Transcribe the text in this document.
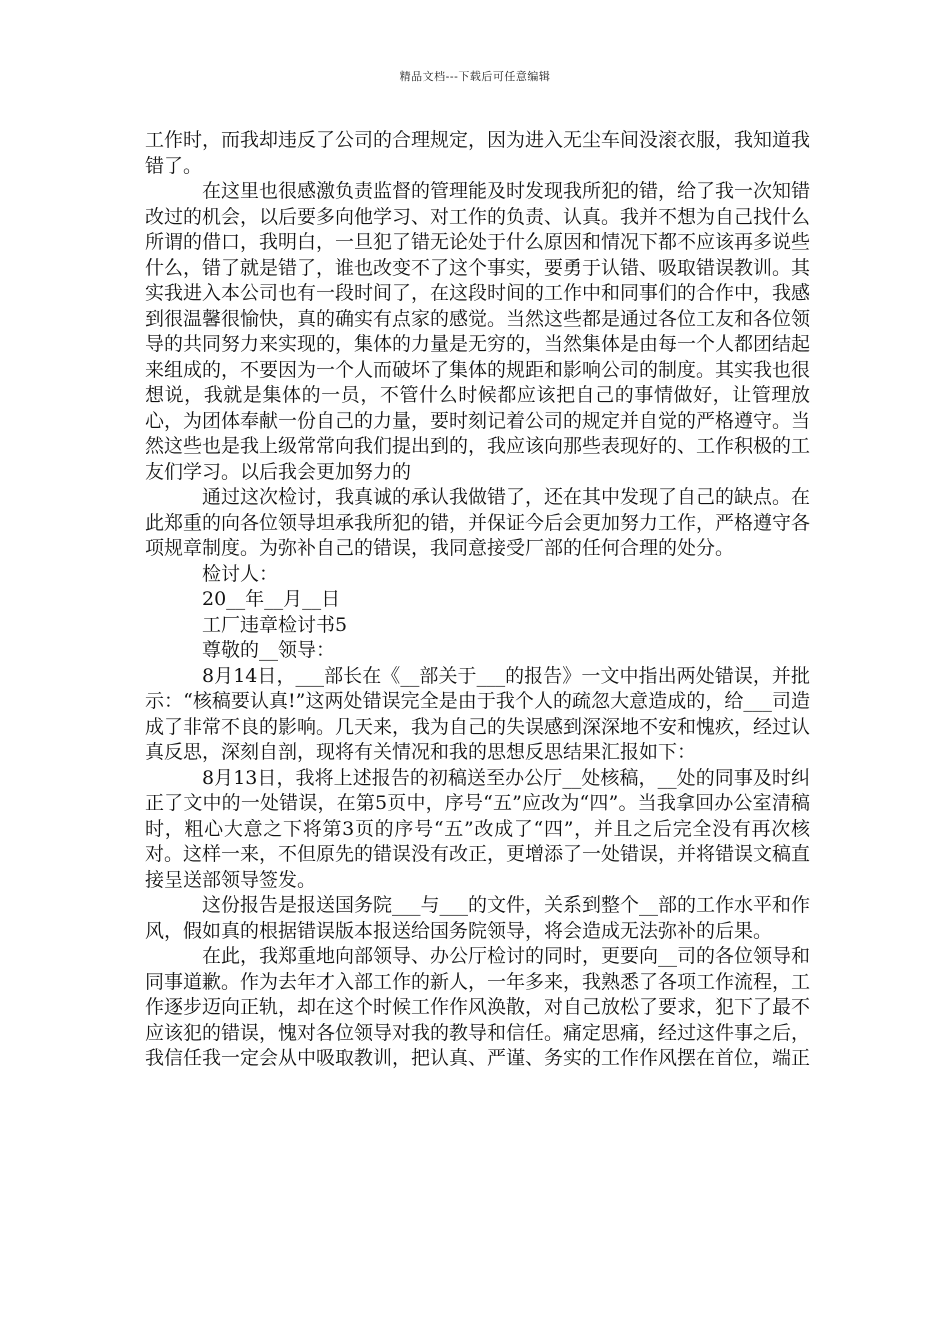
精品文档---下载后可任意编辑

工作时，而我却违反了公司的合理规定，因为进入无尘车间没滚衣服，我知道我错了。

在这里也很感激负责监督的管理能及时发现我所犯的错，给了我一次知错改过的机会，以后要多向他学习、对工作的负责、认真。我并不想为自己找什么所谓的借口，我明白，一旦犯了错无论处于什么原因和情况下都不应该再多说些什么，错了就是错了，谁也改变不了这个事实，要勇于认错、吸取错误教训。其实我进入本公司也有一段时间了，在这段时间的工作中和同事们的合作中，我感到很温馨很愉快，真的确实有点家的感觉。当然这些都是通过各位工友和各位领导的共同努力来实现的，集体的力量是无穷的，当然集体是由每一个人都团结起来组成的，不要因为一个人而破坏了集体的规距和影响公司的制度。其实我也很想说，我就是集体的一员，不管什么时候都应该把自己的事情做好，让管理放心，为团体奉献一份自己的力量，要时刻记着公司的规定并自觉的严格遵守。当然这些也是我上级常常向我们提出到的，我应该向那些表现好的、工作积极的工友们学习。以后我会更加努力的

通过这次检讨，我真诚的承认我做错了，还在其中发现了自己的缺点。在此郑重的向各位领导坦承我所犯的错，并保证今后会更加努力工作，严格遵守各项规章制度。为弥补自己的错误，我同意接受厂部的任何合理的处分。

检讨人：

20__年__月__日

工厂违章检讨书5

尊敬的__领导：

8月14日，___部长在《__部关于___的报告》一文中指出两处错误，并批示：“核稿要认真!”这两处错误完全是由于我个人的疏忽大意造成的，给___司造成了非常不良的影响。几天来，我为自己的失误感到深深地不安和愧疚，经过认真反思，深刻自剖，现将有关情况和我的思想反思结果汇报如下：

8月13日，我将上述报告的初稿送至办公厅__处核稿，__处的同事及时纠正了文中的一处错误，在第5页中，序号“五”应改为“四”。当我拿回办公室清稿时，粗心大意之下将第3页的序号“五”改成了“四”，并且之后完全没有再次核对。这样一来，不但原先的错误没有改正，更增添了一处错误，并将错误文稿直接呈送部领导签发。

这份报告是报送国务院___与___的文件，关系到整个__部的工作水平和作风，假如真的根据错误版本报送给国务院领导，将会造成无法弥补的后果。

在此，我郑重地向部领导、办公厅检讨的同时，更要向__司的各位领导和同事道歉。作为去年才入部工作的新人，一年多来，我熟悉了各项工作流程，工作逐步迈向正轨，却在这个时候工作作风涣散，对自己放松了要求，犯下了最不应该犯的错误，愧对各位领导对我的教导和信任。痛定思痛，经过这件事之后，我信任我一定会从中吸取教训，把认真、严谨、务实的工作作风摆在首位，端正
